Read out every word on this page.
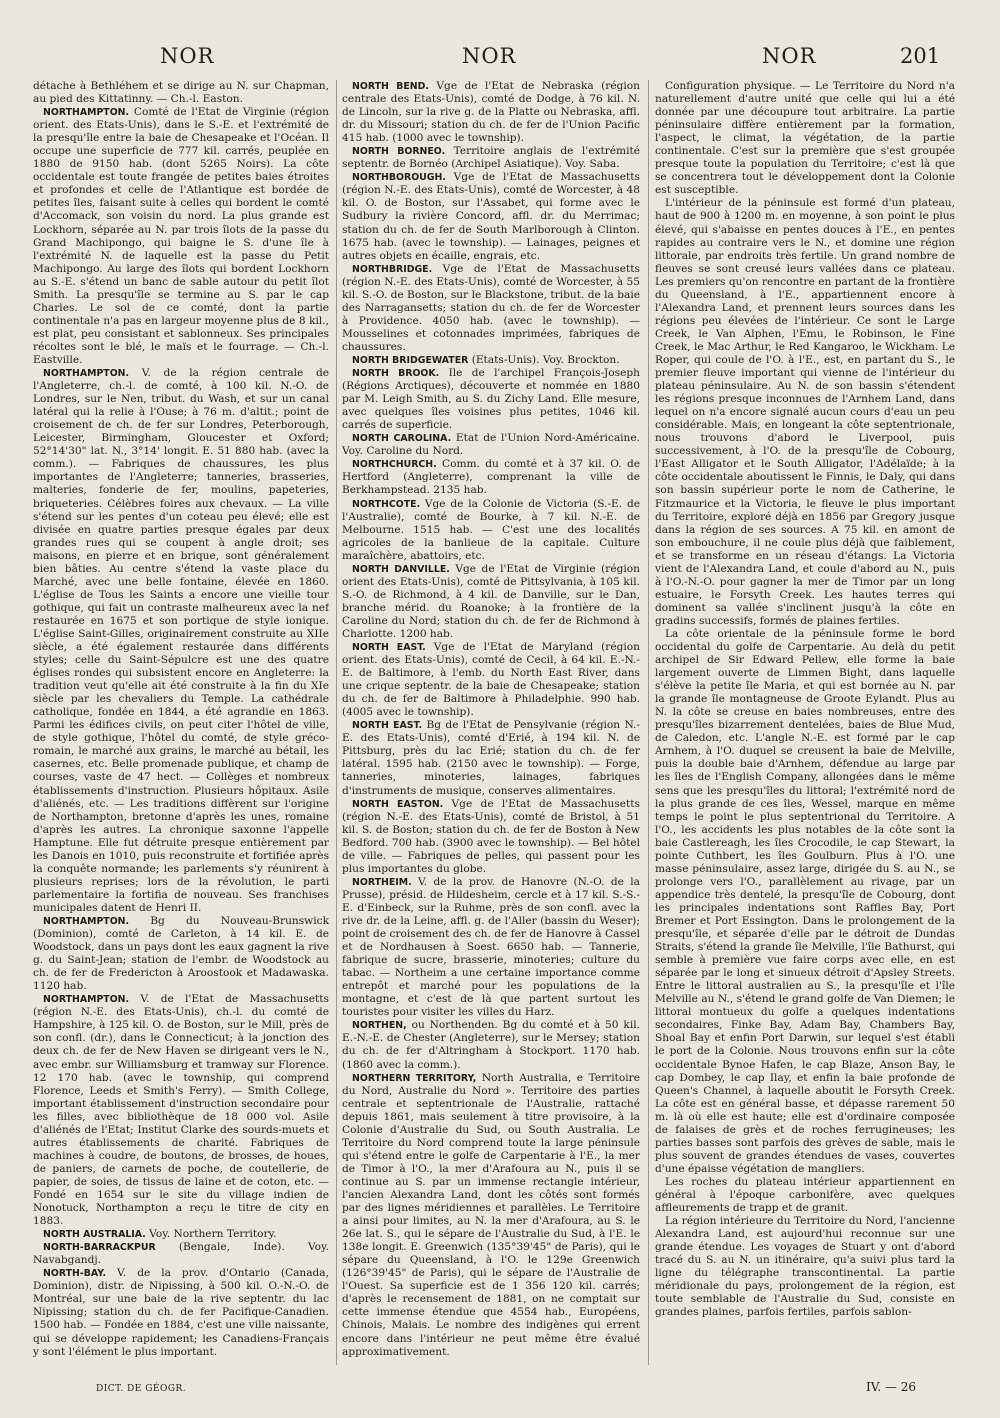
NOR	NOR	NOR	201

détache à Bethléhem et se dirige au N. sur Chapman, au pied des Kittatinny. — Ch.-l. Easton.

NORTHAMPTON. Comté de l'Etat de Virginie (région orient. des Etats-Unis), dans le S.-E. et l'extrémité de la presqu'île entre la baie de Chesapeake et l'Océan. Il occupe une superficie de 777 kil. carrés, peuplée en 1880 de 9150 hab. (dont 5265 Noirs). La côte occidentale est toute frangée de petites baies étroites et profondes et celle de l'Atlantique est bordée de petites îles, faisant suite à celles qui bordent le comté d'Accomack, son voisin du nord. La plus grande est Lockhorn, séparée au N. par trois îlots de la passe du Grand Machipongo, qui baigne le S. d'une île à l'extrémité N. de laquelle est la passe du Petit Machipongo. Au large des îlots qui bordent Lockhorn au S.-E. s'étend un banc de sable autour du petit îlot Smith. La presqu'île se termine au S. par le cap Charles. Le sol de ce comté, dont la partie continentale n'a pas en largeur moyenne plus de 8 kil., est plat, peu consistant et sablonneux. Ses principales récoltes sont le blé, le maïs et le fourrage. — Ch.-l. Eastville.

NORTHAMPTON. V. de la région centrale de l'Angleterre, ch.-l. de comté, à 100 kil. N.-O. de Londres, sur le Nen, tribut. du Wash, et sur un canal latéral qui la relie à l'Ouse; à 76 m. d'altit.; point de croisement de ch. de fer sur Londres, Peterborough, Leicester, Birmingham, Gloucester et Oxford; 52°14'30" lat. N., 3°14' longit. E. 51 880 hab. (avec la comm.). — Fabriques de chaussures, les plus importantes de l'Angleterre; tanneries, brasseries, malteries, fonderie de fer, moulins, papeteries, briqueteries. Célèbres foires aux chevaux. — La ville s'étend sur les pentes d'un coteau peu élevé; elle est divisée en quatre parties presque égales par deux grandes rues qui se coupent à angle droit; ses maisons, en pierre et en brique, sont généralement bien bâties. Au centre s'étend la vaste place du Marché, avec une belle fontaine, élevée en 1860. L'église de Tous les Saints a encore une vieille tour gothique, qui fait un contraste malheureux avec la nef restaurée en 1675 et son portique de style ionique. L'église Saint-Gilles, originairement construite au XIIe siècle, a été également restaurée dans différents styles; celle du Saint-Sépulcre est une des quatre églises rondes qui subsistent encore en Angleterre: la tradition veut qu'elle ait été construite à la fin du XIe siècle par les chevaliers du Temple. La cathédrale catholique, fondée en 1844, a été agrandie en 1863. Parmi les édifices civils, on peut citer l'hôtel de ville, de style gothique, l'hôtel du comté, de style gréco-romain, le marché aux grains, le marché au bétail, les casernes, etc. Belle promenade publique, et champ de courses, vaste de 47 hect. — Collèges et nombreux établissements d'instruction. Plusieurs hôpitaux. Asile d'aliénés, etc. — Les traditions diffèrent sur l'origine de Northampton, bretonne d'après les unes, romaine d'après les autres. La chronique saxonne l'appelle Hamptune. Elle fut détruite presque entièrement par les Danois en 1010, puis reconstruite et fortifiée après la conquête normande; les parlements s'y réunirent à plusieurs reprises; lors de la révolution, le parti parlementaire la fortifia de nouveau. Ses franchises municipales datent de Henri II.

NORTHAMPTON. Bg du Nouveau-Brunswick (Dominion), comté de Carleton, à 14 kil. E. de Woodstock, dans un pays dont les eaux gagnent la rive g. du Saint-Jean; station de l'embr. de Woodstock au ch. de fer de Fredericton à Aroostook et Madawaska. 1120 hab.

NORTHAMPTON. V. de l'Etat de Massachusetts (région N.-E. des Etats-Unis), ch.-l. du comté de Hampshire, à 125 kil. O. de Boston, sur le Mill, près de son confl. (dr.), dans le Connecticut; à la jonction des deux ch. de fer de New Haven se dirigeant vers le N., avec embr. sur Williamsburg et tramway sur Florence. 12 170 hab. (avec le township, qui comprend Florence, Leeds et Smith's Ferry). — Smith College, important établissement d'instruction secondaire pour les filles, avec bibliothèque de 18 000 vol. Asile d'aliénés de l'Etat; Institut Clarke des sourds-muets et autres établissements de charité. Fabriques de machines à coudre, de boutons, de brosses, de houes, de paniers, de carnets de poche, de coutellerie, de papier, de soies, de tissus de laine et de coton, etc. — Fondé en 1654 sur le site du village indien de Nonotuck, Northampton a reçu le titre de city en 1883.

NORTH AUSTRALIA. Voy. Northern Territory.

NORTH-BARRACKPUR (Bengale, Inde). Voy. Navabgandj.

NORTH-BAY. V. de la prov. d'Ontario (Canada, Dominion), distr. de Nipissing, à 500 kil. O.-N.-O. de Montréal, sur une baie de la rive septentr. du lac Nipissing; station du ch. de fer Pacifique-Canadien. 1500 hab. — Fondée en 1884, c'est une ville naissante, qui se développe rapidement; les Canadiens-Français y sont l'élément le plus important.

NORTH BEND. Vge de l'Etat de Nebraska (région centrale des Etats-Unis), comté de Dodge, à 76 kil. N. de Lincoln, sur la rive g. de la Platte ou Nebraska, affl. dr. du Missouri; station du ch. de fer de l'Union Pacific 415 hab. (1000 avec le township).

NORTH BORNEO. Territoire anglais de l'extrémité septentr. de Bornéo (Archipel Asiatique). Voy. Saba.

NORTHBOROUGH. Vge de l'Etat de Massachusetts (région N.-E. des Etats-Unis), comté de Worcester, à 48 kil. O. de Boston, sur l'Assabet, qui forme avec le Sudbury la rivière Concord, affl. dr. du Merrimac; station du ch. de fer de South Marlborough à Clinton. 1675 hab. (avec le township). — Lainages, peignes et autres objets en écaille, engrais, etc.

NORTHBRIDGE. Vge de l'Etat de Massachusetts (région N.-E. des Etats-Unis), comté de Worcester, à 55 kil. S.-O. de Boston, sur le Blackstone, tribut. de la baie des Narragansetts; station du ch. de fer de Worcester à Providence. 4050 hab. (avec le township). — Mousselines et cotonnades imprimées, fabriques de chaussures.

NORTH BRIDGEWATER (Etats-Unis). Voy. Brockton.

NORTH BROOK. Ile de l'archipel François-Joseph (Régions Arctiques), découverte et nommée en 1880 par M. Leigh Smith, au S. du Zichy Land. Elle mesure, avec quelques îles voisines plus petites, 1046 kil. carrés de superficie.

NORTH CAROLINA. Etat de l'Union Nord-Américaine. Voy. Caroline du Nord.

NORTHCHURCH. Comm. du comté et à 37 kil. O. de Hertford (Angleterre), comprenant la ville de Berkhampstead. 2135 hab.

NORTHCOTE. Vge de la Colonie de Victoria (S.-E. de l'Australie), comté de Bourke, à 7 kil. N.-E. de Melbourne. 1515 hab. — C'est une des localités agricoles de la banlieue de la capitale. Culture maraîchère, abattoirs, etc.

NORTH DANVILLE. Vge de l'Etat de Virginie (région orient des Etats-Unis), comté de Pittsylvania, à 105 kil. S.-O. de Richmond, à 4 kil. de Danville, sur le Dan, branche mérid. du Roanoke; à la frontière de la Caroline du Nord; station du ch. de fer de Richmond à Charlotte. 1200 hab.

NORTH EAST. Vge de l'Etat de Maryland (région orient. des Etats-Unis), comté de Cecil, à 64 kil. E.-N.-E. de Baltimore, à l'emb. du North East River, dans une crique septentr. de la baie de Chesapeake; station du ch. de fer de Baltimore à Philadelphie. 990 hab. (4005 avec le township).

NORTH EAST. Bg de l'Etat de Pensylvanie (région N.-E. des Etats-Unis), comté d'Erié, à 194 kil. N. de Pittsburg, près du lac Erié; station du ch. de fer latéral. 1595 hab. (2150 avec le township). — Forge, tanneries, minoteries, lainages, fabriques d'instruments de musique, conserves alimentaires.

NORTH EASTON. Vge de l'Etat de Massachusetts (région N.-E. des Etats-Unis), comté de Bristol, à 51 kil. S. de Boston; station du ch. de fer de Boston à New Bedford. 700 hab. (3900 avec le township). — Bel hôtel de ville. — Fabriques de pelles, qui passent pour les plus importantes du globe.

NORTHEIM. V. de la prov. de Hanovre (N.-O. de la Prusse), présid. de Hildesheim, cercle et à 17 kil. S.-S.-E. d'Einbeck, sur la Ruhme, près de son confl. avec la rive dr. de la Leine, affl. g. de l'Aller (bassin du Weser); point de croisement des ch. de fer de Hanovre à Cassel et de Nordhausen à Soest. 6650 hab. — Tannerie, fabrique de sucre, brasserie, minoteries; culture du tabac. — Northeim a une certaine importance comme entrepôt et marché pour les populations de la montagne, et c'est de là que partent surtout les touristes pour visiter les villes du Harz.

NORTHEN, ou Northenden. Bg du comté et à 50 kil. E.-N.-E. de Chester (Angleterre), sur le Mersey; station du ch. de fer d'Altringham à Stockport. 1170 hab. (1860 avec la comm.).

NORTHERN TERRITORY, North Australia, e Territoire du Nord, Australie du Nord ». Territoire des parties centrale et septentrionale de l'Australie, rattaché depuis 1861, mais seulement à titre provisoire, à la Colonie d'Australie du Sud, ou South Australia. Le Territoire du Nord comprend toute la large péninsule qui s'étend entre le golfe de Carpentarie à l'E., la mer de Timor à l'O., la mer d'Arafoura au N., puis il se continue au S. par un immense rectangle intérieur, l'ancien Alexandra Land, dont les côtés sont formés par des lignes méridiennes et parallèles. Le Territoire a ainsi pour limites, au N. la mer d'Arafoura, au S. le 26e lat. S., qui le sépare de l'Australie du Sud, à l'E. le 138e longit. E. Greenwich (135°39'45" de Paris), qui le sépare du Queensland, à l'O. le 129e Greenwich (126°39'45" de Paris), qui le sépare de l'Australie de l'Ouest. Sa superficie est de 1 356 120 kil. carrés; d'après le recensement de 1881, on ne comptait sur cette immense étendue que 4554 hab., Européens, Chinois, Malais. Le nombre des indigènes qui errent encore dans l'intérieur ne peut même être évalué approximativement.

Configuration physique. — Le Territoire du Nord n'a naturellement d'autre unité que celle qui lui a été donnée par une découpure tout arbitraire. La partie péninsulaire diffère entièrement par la formation, l'aspect, le climat, la végétation, de la partie continentale. C'est sur la première que s'est groupée presque toute la population du Territoire; c'est là que se concentrera tout le développement dont la Colonie est susceptible.

L'intérieur de la péninsule est formé d'un plateau, haut de 900 à 1200 m. en moyenne, à son point le plus élevé, qui s'abaisse en pentes douces à l'E., en pentes rapides au contraire vers le N., et domine une région littorale, par endroits très fertile. Un grand nombre de fleuves se sont creusé leurs vallées dans ce plateau. Les premiers qu'on rencontre en partant de la frontière du Queensland, à l'E., appartiennent encore à l'Alexandra Land, et prennent leurs sources dans les régions peu élevées de l'intérieur. Ce sont le Large Creek, le Van Alphen, l'Emu, le Robinson, le Fine Creek, le Mac Arthur, le Red Kangaroo, le Wickham. Le Roper, qui coule de l'O. à l'E., est, en partant du S., le premier fleuve important qui vienne de l'intérieur du plateau péninsulaire. Au N. de son bassin s'étendent les régions presque inconnues de l'Arnhem Land, dans lequel on n'a encore signalé aucun cours d'eau un peu considérable. Mais, en longeant la côte septentrionale, nous trouvons d'abord le Liverpool, puis successivement, à l'O. de la presqu'île de Cobourg, l'East Alligator et le South Alligator, l'Adélaïde; à la côte occidentale aboutissent le Finnis, le Daly, qui dans son bassin supérieur porte le nom de Catherine, le Fitzmaurice et la Victoria, le fleuve le plus important du Territoire, exploré déjà en 1856 par Gregory jusque dans la région de ses sources. A 75 kil. en amont de son embouchure, il ne coule plus déjà que faiblement, et se transforme en un réseau d'étangs. La Victoria vient de l'Alexandra Land, et coule d'abord au N., puis à l'O.-N.-O. pour gagner la mer de Timor par un long estuaire, le Forsyth Creek. Les hautes terres qui dominent sa vallée s'inclinent jusqu'à la côte en gradins successifs, formés de plaines fertiles.

La côte orientale de la péninsule forme le bord occidental du golfe de Carpentarie. Au delà du petit archipel de Sir Edward Pellew, elle forme la baie largement ouverte de Limmen Bight, dans laquelle s'élève la petite île Maria, et qui est bornée au N. par la grande île montagneuse de Groote Eylandt. Plus au N. la côte se creuse en baies nombreuses, entre des presqu'îles bizarrement dentelées, baies de Blue Mud, de Caledon, etc. L'angle N.-E. est formé par le cap Arnhem, à l'O. duquel se creusent la baie de Melville, puis la double baie d'Arnhem, défendue au large par les îles de l'English Company, allongées dans le même sens que les presqu'îles du littoral; l'extrémité nord de la plus grande de ces îles, Wessel, marque en même temps le point le plus septentrional du Territoire. A l'O., les accidents les plus notables de la côte sont la baie Castlereagh, les îles Crocodile, le cap Stewart, la pointe Cuthbert, les îles Goulburn. Plus à l'O. une masse péninsulaire, assez large, dirigée du S. au N., se prolonge vers l'O., parallèlement au rivage, par un appendice très dentelé, la presqu'île de Cobourg, dont les principales indentations sont Raffles Bay, Port Bremer et Port Essington. Dans le prolongement de la presqu'île, et séparée d'elle par le détroit de Dundas Straits, s'étend la grande île Melville, l'île Bathurst, qui semble à première vue faire corps avec elle, en est séparée par le long et sinueux détroit d'Apsley Streets. Entre le littoral australien au S., la presqu'île et l'île Melville au N., s'étend le grand golfe de Van Diemen; le littoral montueux du golfe a quelques indentations secondaires, Finke Bay, Adam Bay, Chambers Bay, Shoal Bay et enfin Port Darwin, sur lequel s'est établi le port de la Colonie. Nous trouvons enfin sur la côte occidentale Bynoe Hafen, le cap Blaze, Anson Bay, le cap Dombey, le cap Ilay, et enfin la baie profonde de Queen's Channel, à laquelle aboutit le Forsyth Creek. La côte est en général basse, et dépasse rarement 50 m. là où elle est haute; elle est d'ordinaire composée de falaises de grès et de roches ferrugineuses; les parties basses sont parfois des grèves de sable, mais le plus souvent de grandes étendues de vases, couvertes d'une épaisse végétation de mangliers.

Les roches du plateau intérieur appartiennent en général à l'époque carbonifère, avec quelques affleurements de trapp et de granit.

La région intérieure du Territoire du Nord, l'ancienne Alexandra Land, est aujourd'hui reconnue sur une grande étendue. Les voyages de Stuart y ont d'abord tracé du S. au N. un itinéraire, qu'a suivi plus tard la ligne du télégraphe transcontinental. La partie méridionale du pays, prolongement de la région, est toute semblable de l'Australie du Sud, consiste en grandes plaines, parfois fertiles, parfois sablon-

DICT. DE GÉOGR.	IV. — 26
